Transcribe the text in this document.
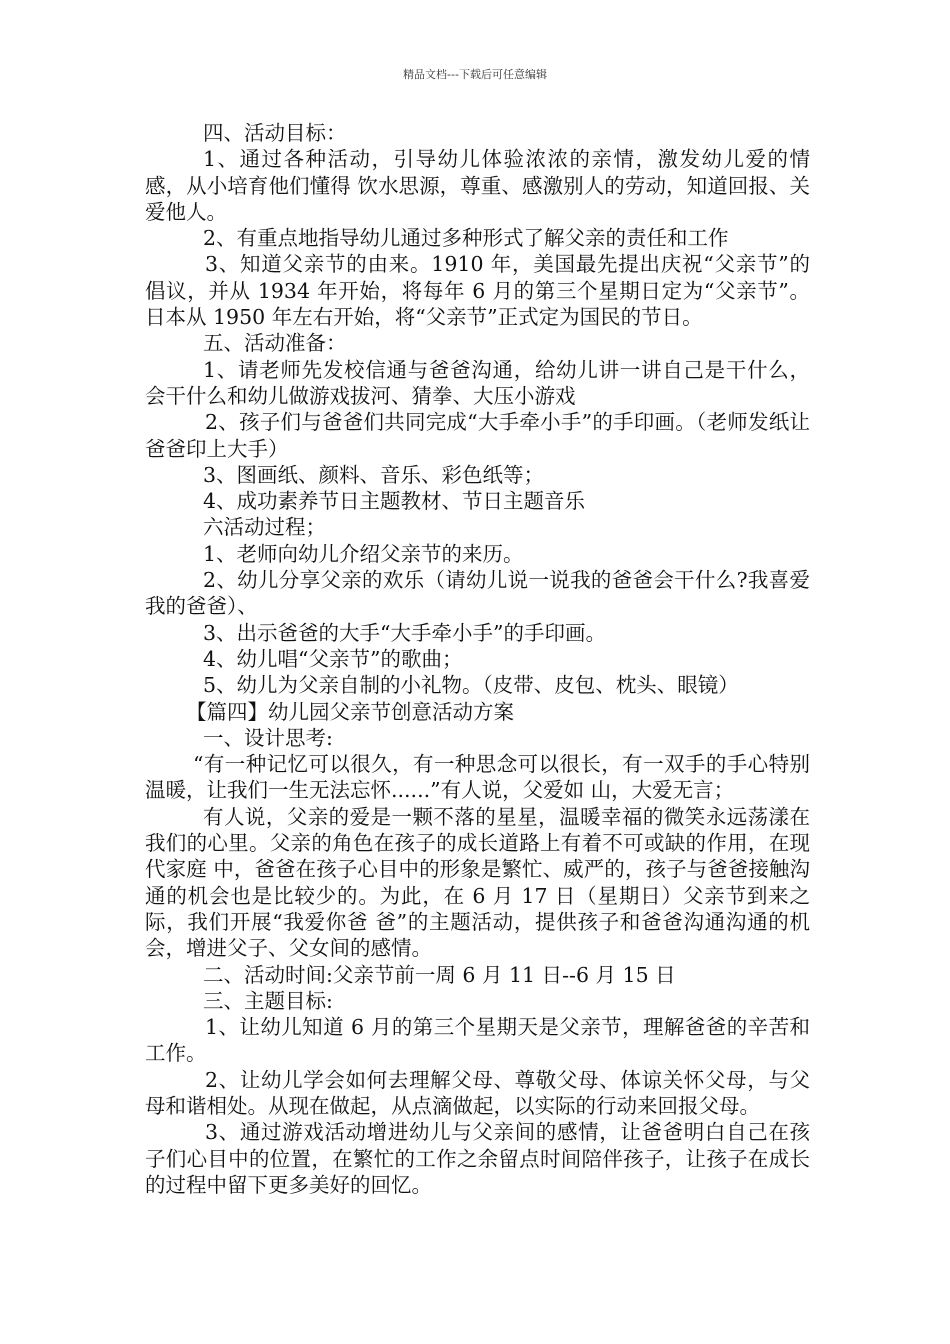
精品文档---下载后可任意编辑

四、活动目标：

1、通过各种活动，引导幼儿体验浓浓的亲情，激发幼儿爱的情感，从小培育他们懂得 饮水思源，尊重、感激别人的劳动，知道回报、关爱他人。

2、有重点地指导幼儿通过多种形式了解父亲的责任和工作

3、知道父亲节的由来。1910 年，美国最先提出庆祝“父亲节”的倡议，并从 1934 年开始，将每年 6 月的第三个星期日定为“父亲节”。日本从 1950 年左右开始，将“父亲节”正式定为国民的节日。

五、活动准备：

1、请老师先发校信通与爸爸沟通，给幼儿讲一讲自己是干什么，会干什么和幼儿做游戏拔河、猜拳、大压小游戏

2、孩子们与爸爸们共同完成“大手牵小手”的手印画。（老师发纸让爸爸印上大手）

3、图画纸、颜料、音乐、彩色纸等；

4、成功素养节日主题教材、节日主题音乐

六活动过程；

1、老师向幼儿介绍父亲节的来历。

2、幼儿分享父亲的欢乐（请幼儿说一说我的爸爸会干什么?我喜爱我的爸爸）、

3、出示爸爸的大手“大手牵小手”的手印画。

4、幼儿唱“父亲节”的歌曲；

5、幼儿为父亲自制的小礼物。（皮带、皮包、枕头、眼镜）

【篇四】幼儿园父亲节创意活动方案

一、设计思考:

“有一种记忆可以很久，有一种思念可以很长，有一双手的手心特别温暖，让我们一生无法忘怀......”有人说，父爱如 山，大爱无言；

有人说，父亲的爱是一颗不落的星星，温暖幸福的微笑永远荡漾在我们的心里。父亲的角色在孩子的成长道路上有着不可或缺的作用，在现代家庭 中，爸爸在孩子心目中的形象是繁忙、威严的，孩子与爸爸接触沟通的机会也是比较少的。为此，在 6 月 17 日（星期日）父亲节到来之际，我们开展“我爱你爸 爸”的主题活动，提供孩子和爸爸沟通沟通的机会，增进父子、父女间的感情。

二、活动时间:父亲节前一周 6 月 11 日--6 月 15 日

三、主题目标:

1、让幼儿知道 6 月的第三个星期天是父亲节，理解爸爸的辛苦和工作。

2、让幼儿学会如何去理解父母、尊敬父母、体谅关怀父母，与父母和谐相处。从现在做起，从点滴做起，以实际的行动来回报父母。

3、通过游戏活动增进幼儿与父亲间的感情，让爸爸明白自己在孩子们心目中的位置，在繁忙的工作之余留点时间陪伴孩子，让孩子在成长的过程中留下更多美好的回忆。
